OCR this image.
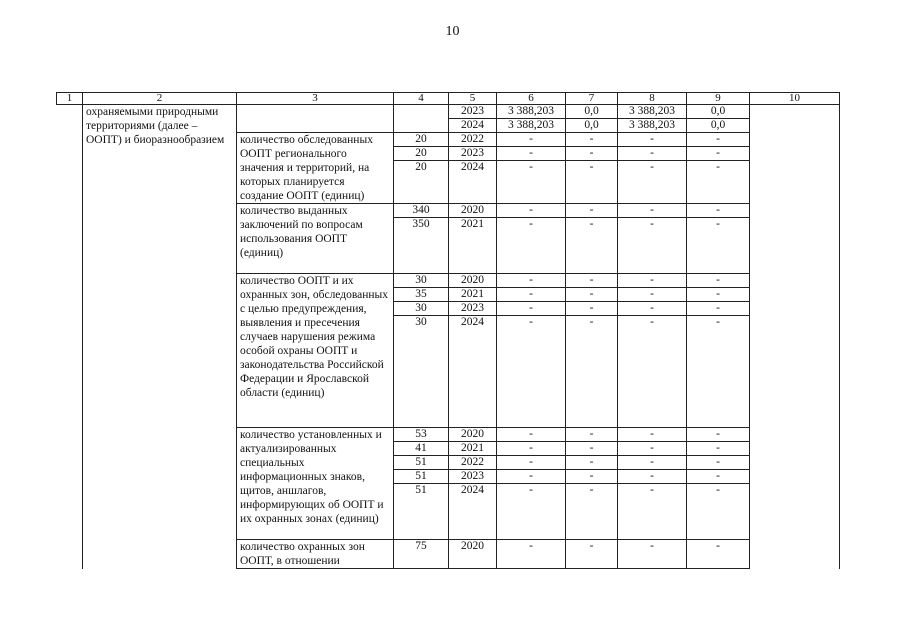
10
1	2	3	4	5	6	7	8	9	10
	охраняемыми природными территориями (далее – ООПТ) и биоразнообразием			2023	3 388,203	0,0	3 388,203	0,0	
				2024	3 388,203	0,0	3 388,203	0,0	
		количество обследованных ООПТ регионального значения и территорий, на которых планируется создание ООПТ (единиц)	20	2022	-	-	-	-	
			20	2023	-	-	-	-	
			20	2024	-	-	-	-	
		количество выданных заключений по вопросам использования ООПТ (единиц)	340	2020	-	-	-	-	
			350	2021	-	-	-	-	
		количество ООПТ и их охранных зон, обследованных с целью предупреждения, выявления и пресечения случаев нарушения режима особой охраны ООПТ и законодательства Российской Федерации и Ярославской области (единиц)	30	2020	-	-	-	-	
			35	2021	-	-	-	-	
			30	2023	-	-	-	-	
			30	2024	-	-	-	-	
		количество установленных и актуализированных специальных информационных знаков, щитов, аншлагов, информирующих об ООПТ и их охранных зонах (единиц)	53	2020	-	-	-	-	
			41	2021	-	-	-	-	
			51	2022	-	-	-	-	
			51	2023	-	-	-	-	
			51	2024	-	-	-	-	
		количество охранных зон ООПТ, в отношении	75	2020	-	-	-	-	
